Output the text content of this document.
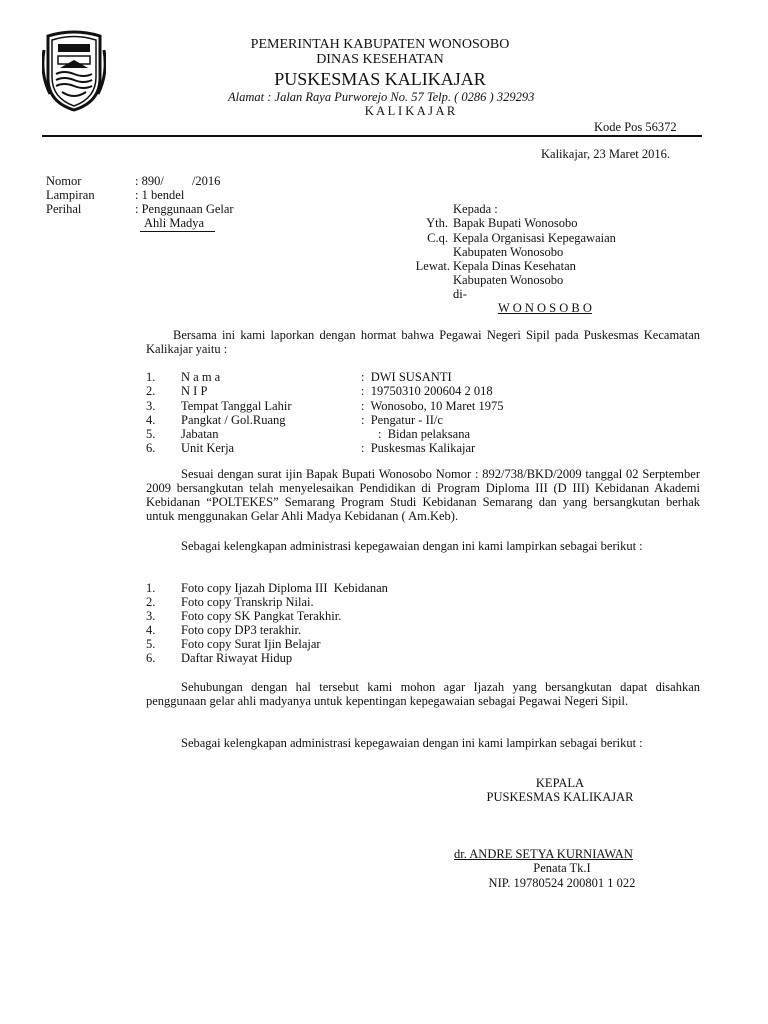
PEMERINTAH KABUPATEN WONOSOBO
DINAS KESEHATAN
PUSKESMAS KALIKAJAR
Alamat : Jalan Raya Purworejo No. 57 Telp. ( 0286 ) 329293
K A L I K A J A R
Kode Pos 56372
Kalikajar, 23 Maret 2016.
Nomor	: 890/         /2016
Lampiran	: 1 bendel
Perihal	: Penggunaan Gelar
Ahli Madya
Kepada :
Yth. Bapak Bupati Wonosobo
C.q. Kepala Organisasi Kepegawaian
Kabupaten Wonosobo
Lewat. Kepala Dinas Kesehatan
Kabupaten Wonosobo
di-
W O N O S O B O
Bersama ini kami laporkan dengan hormat bahwa Pegawai Negeri Sipil pada Puskesmas Kecamatan Kalikajar yaitu :
1. N a m a	:  DWI SUSANTI
2. N I P	:  19750310 200604 2 018
3. Tempat Tanggal Lahir	:  Wonosobo, 10 Maret 1975
4. Pangkat / Gol.Ruang	:  Pengatur - II/c
5. Jabatan	:  Bidan pelaksana
6. Unit Kerja	:  Puskesmas Kalikajar
Sesuai dengan surat ijin Bapak Bupati Wonosobo Nomor : 892/738/BKD/2009 tanggal 02 Serptember 2009 bersangkutan telah menyelesaikan Pendidikan di Program Diploma III (D III) Kebidanan Akademi Kebidanan “POLTEKES” Semarang Program Studi Kebidanan Semarang dan yang bersangkutan berhak untuk menggunakan Gelar Ahli Madya Kebidanan ( Am.Keb).
Sebagai kelengkapan administrasi kepegawaian dengan ini kami lampirkan sebagai berikut :
1. Foto copy Ijazah Diploma III  Kebidanan
2. Foto copy Transkrip Nilai.
3. Foto copy SK Pangkat Terakhir.
4. Foto copy DP3 terakhir.
5. Foto copy Surat Ijin Belajar
6. Daftar Riwayat Hidup
Sehubungan dengan hal tersebut kami mohon agar Ijazah yang bersangkutan dapat disahkan penggunaan gelar ahli madyanya untuk kepentingan kepegawaian sebagai Pegawai Negeri Sipil.
Sebagai kelengkapan administrasi kepegawaian dengan ini kami lampirkan sebagai berikut :
KEPALA
PUSKESMAS KALIKAJAR
dr. ANDRE SETYA KURNIAWAN
Penata Tk.I
NIP. 19780524 200801 1 022
